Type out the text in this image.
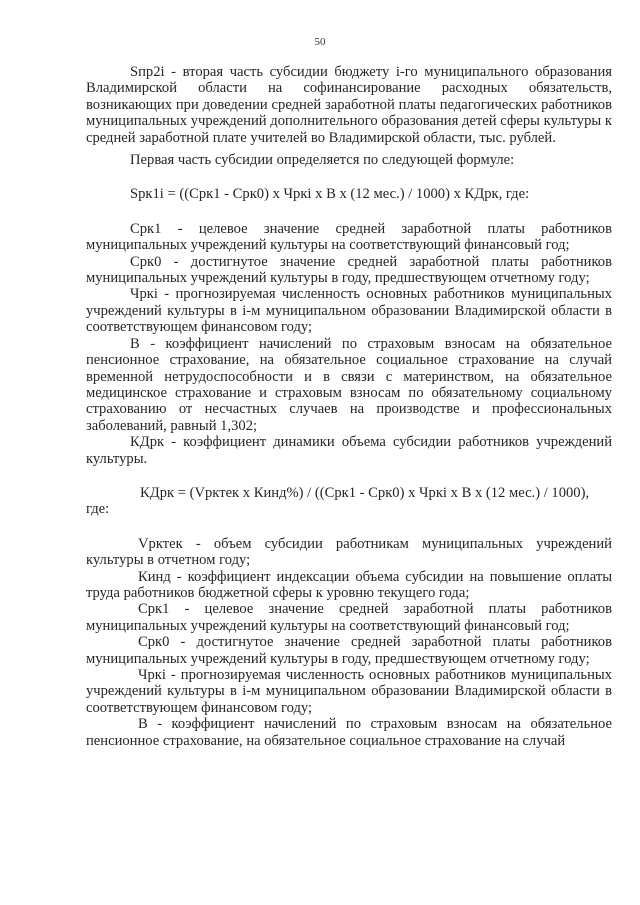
50

Sпр2i - вторая часть субсидии бюджету i-го муниципального образования Владимирской области на софинансирование расходных обязательств, возникающих при доведении средней заработной платы педагогических работников муниципальных учреждений дополнительного образования детей сферы культуры к средней заработной плате учителей во Владимирской области, тыс. рублей.

Первая часть субсидии определяется по следующей формуле:

Sрк1i = ((Срк1 - Срк0) х Чркi х В х (12 мес.) / 1000) х КДрк, где:

Срк1 - целевое значение средней заработной платы работников муниципальных учреждений культуры на соответствующий финансовый год;

Срк0 - достигнутое значение средней заработной платы работников муниципальных учреждений культуры в году, предшествующем отчетному году;

Чркi - прогнозируемая численность основных работников муниципальных учреждений культуры в i-м муниципальном образовании Владимирской области в соответствующем финансовом году;

В - коэффициент начислений по страховым взносам на обязательное пенсионное страхование, на обязательное социальное страхование на случай временной нетрудоспособности и в связи с материнством, на обязательное медицинское страхование и страховым взносам по обязательному социальному страхованию от несчастных случаев на производстве и профессиональных заболеваний, равный 1,302;

КДрк - коэффициент динамики объема субсидии работников учреждений культуры.

КДрк = (Vрктек х Кинд%) / ((Срк1 - Срк0) х Чркi х В х (12 мес.) / 1000),

где:

Vрктек - объем субсидии работникам муниципальных учреждений культуры в отчетном году;

Кинд - коэффициент индексации объема субсидии на повышение оплаты труда работников бюджетной сферы к уровню текущего года;

Срк1 - целевое значение средней заработной платы работников муниципальных учреждений культуры на соответствующий финансовый год;

Срк0 - достигнутое значение средней заработной платы работников муниципальных учреждений культуры в году, предшествующем отчетному году;

Чркi - прогнозируемая численность основных работников муниципальных учреждений культуры в i-м муниципальном образовании Владимирской области в соответствующем финансовом году;

В - коэффициент начислений по страховым взносам на обязательное пенсионное страхование, на обязательное социальное страхование на случай
